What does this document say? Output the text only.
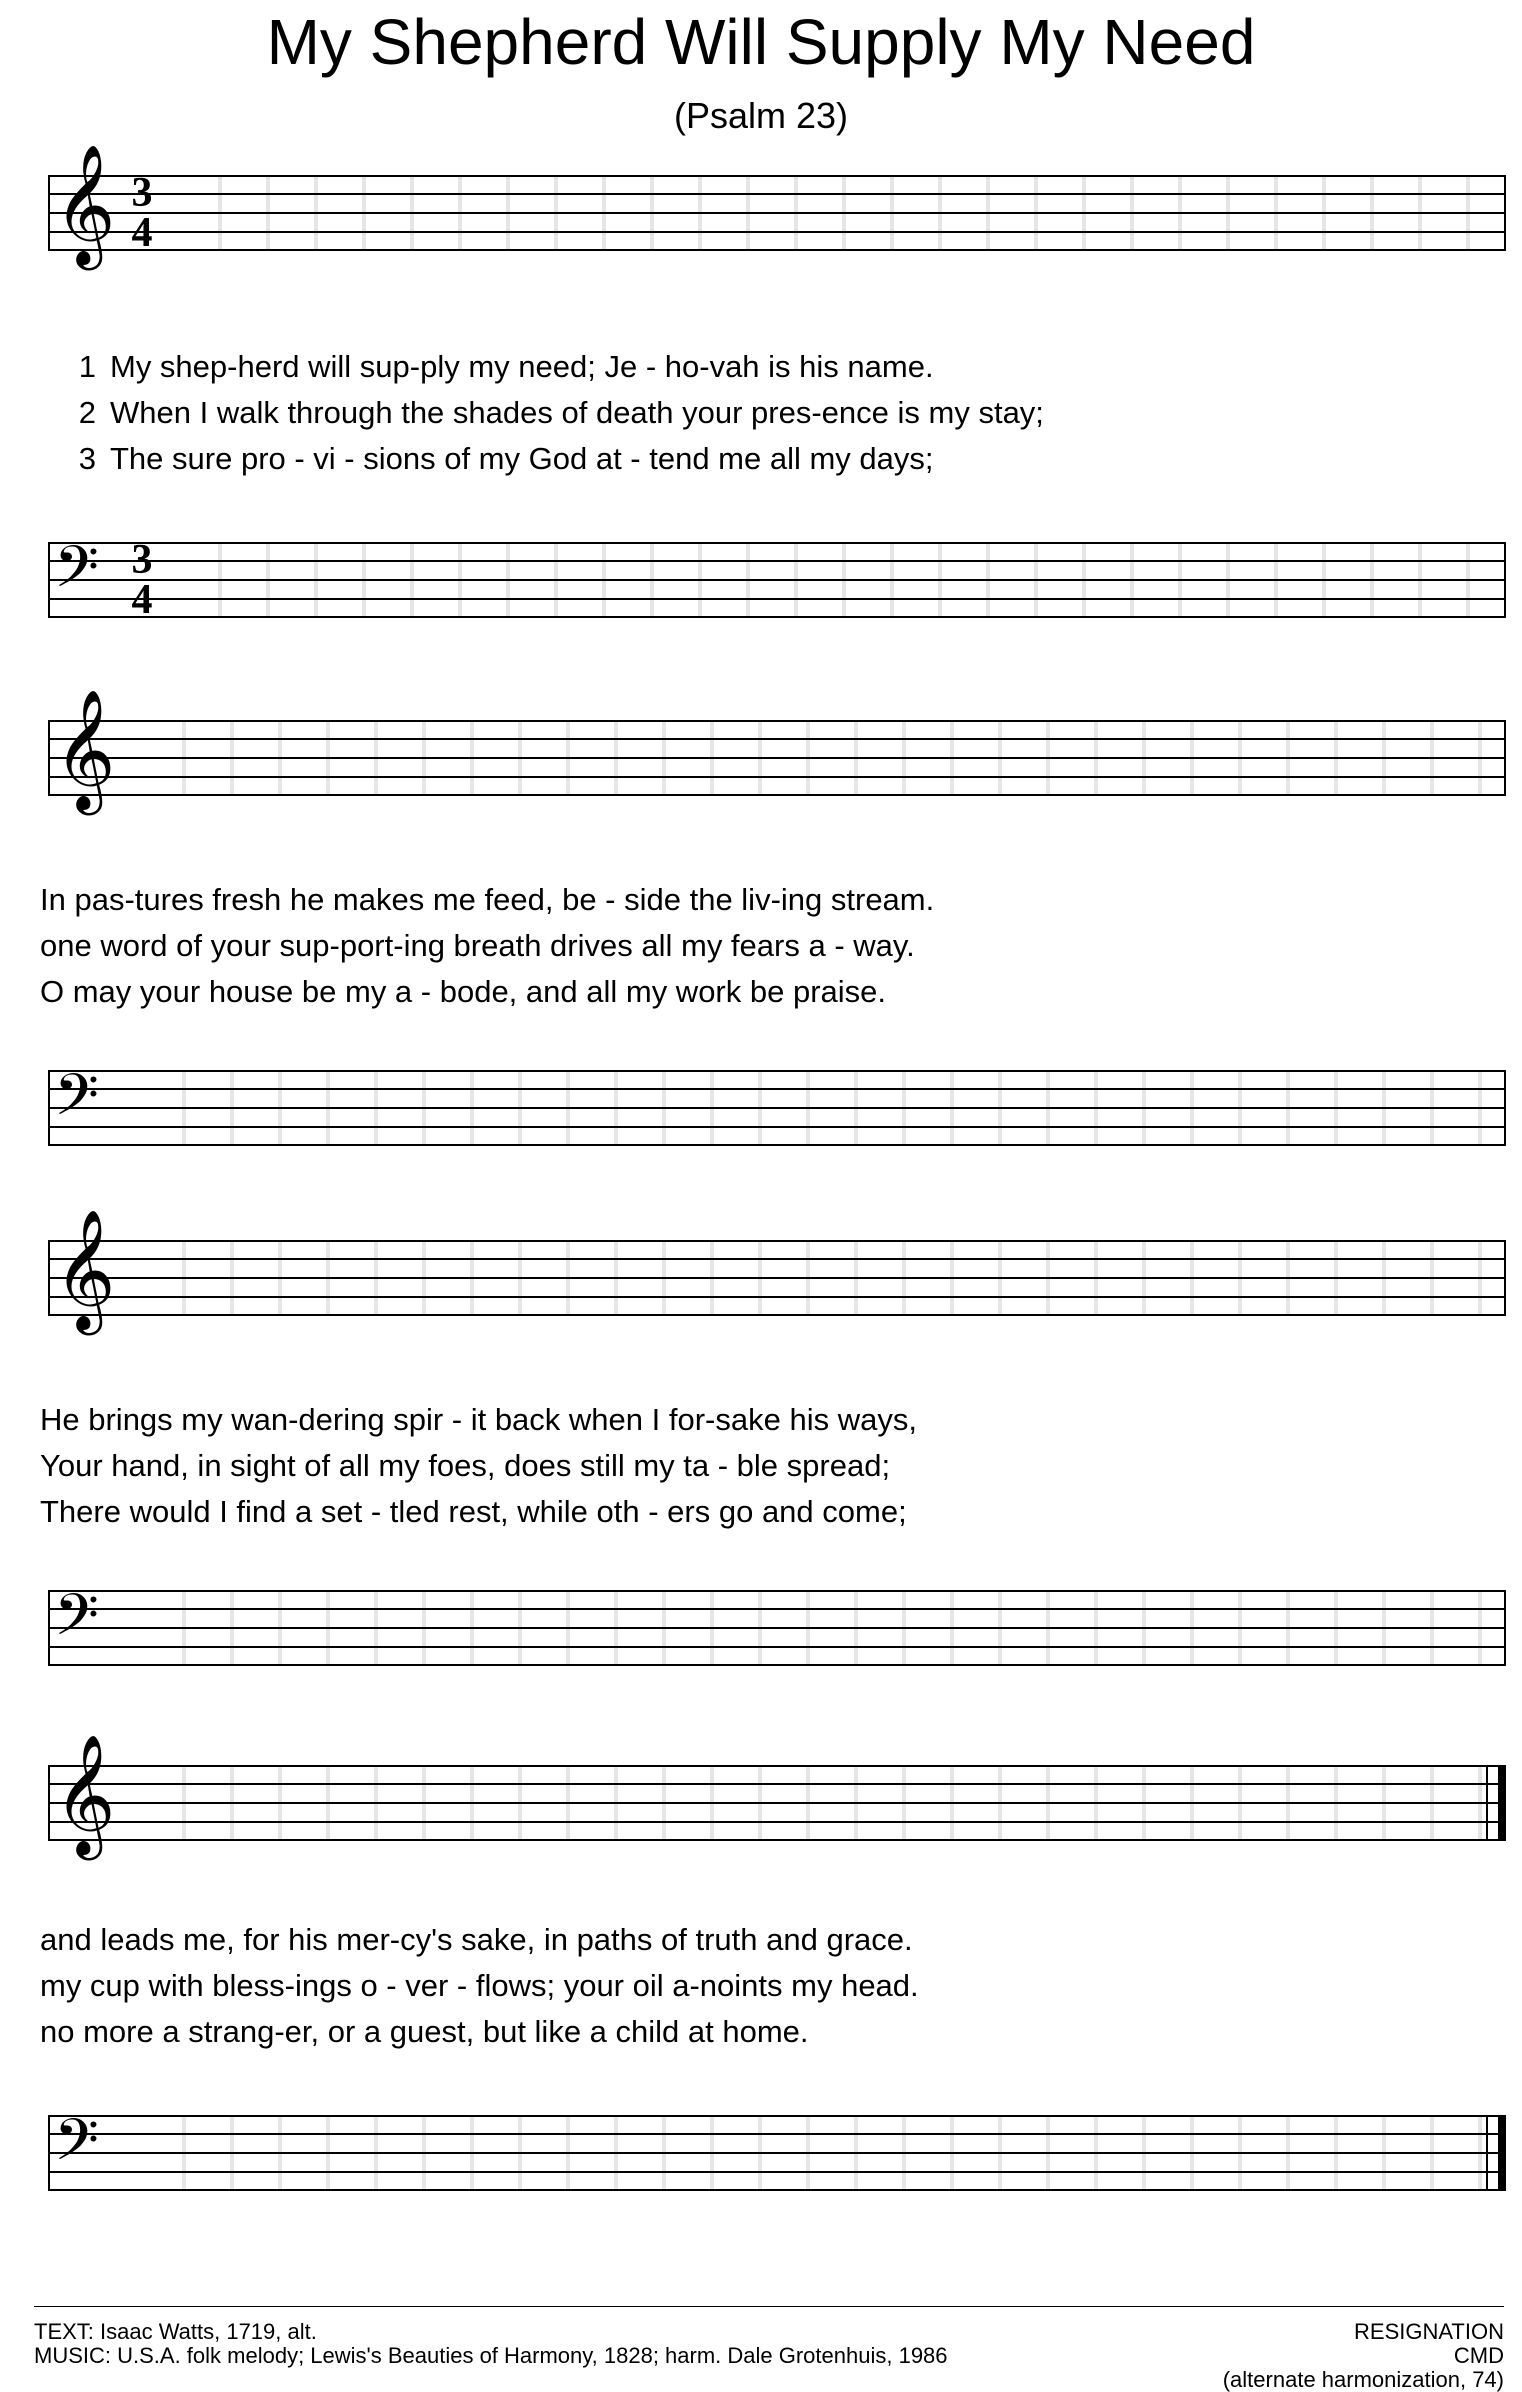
My Shepherd Will Supply My Need
(Psalm 23)
𝄞 3
4
1 My shep-herd will sup-ply my need; Je - ho-vah is his name.
2 When I walk through the shades of death your pres-ence is my stay;
3 The sure pro - vi - sions of my God at - tend me all my days;
𝄢 3
4
𝄞
In pas-tures fresh he makes me feed, be - side the liv-ing stream.
one word of your sup-port-ing breath drives all my fears a - way.
O may your house be my a - bode, and all my work be praise.
𝄢
𝄞
He brings my wan-dering spir - it back when I for-sake his ways,
Your hand, in sight of all my foes, does still my ta - ble spread;
There would I find a set - tled rest, while oth - ers go and come;
𝄢
𝄞
and leads me, for his mer-cy's sake, in paths of truth and grace.
my cup with bless-ings o - ver - flows; your oil a-noints my head.
no more a strang-er, or a guest, but like a child at home.
𝄢
TEXT: Isaac Watts, 1719, alt.
MUSIC: U.S.A. folk melody; Lewis's Beauties of Harmony, 1828; harm. Dale Grotenhuis, 1986
RESIGNATION
CMD
(alternate harmonization, 74)
